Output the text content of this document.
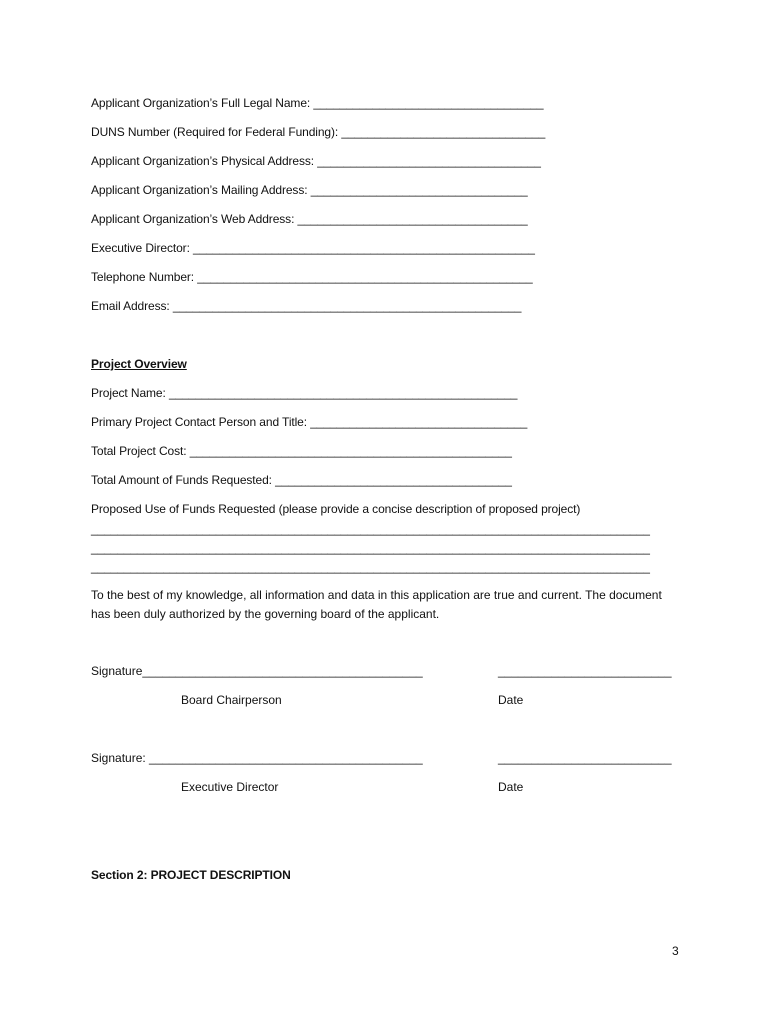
Applicant Organization’s Full Legal Name: ___________________________________
DUNS Number (Required for Federal Funding): _______________________________
Applicant Organization’s Physical Address: __________________________________
Applicant Organization’s Mailing Address: _________________________________
Applicant Organization’s Web Address: ___________________________________
Executive Director: ____________________________________________________
Telephone Number: ___________________________________________________
Email Address: _____________________________________________________
Project Overview
Project Name: _____________________________________________________
Primary Project Contact Person and Title: _________________________________
Total Project Cost: _________________________________________________
Total Amount of Funds Requested: ____________________________________
Proposed Use of Funds Requested (please provide a concise description of proposed project)
_____________________________________________________________________________________
_____________________________________________________________________________________
_____________________________________________________________________________________
To the best of my knowledge, all information and data in this application are true and current. The document has been duly authorized by the governing board of the applicant.
Signature__________________________________________	__________________________
Board Chairperson	Date
Signature: _________________________________________	__________________________
Executive Director	Date
Section 2: PROJECT DESCRIPTION
3
